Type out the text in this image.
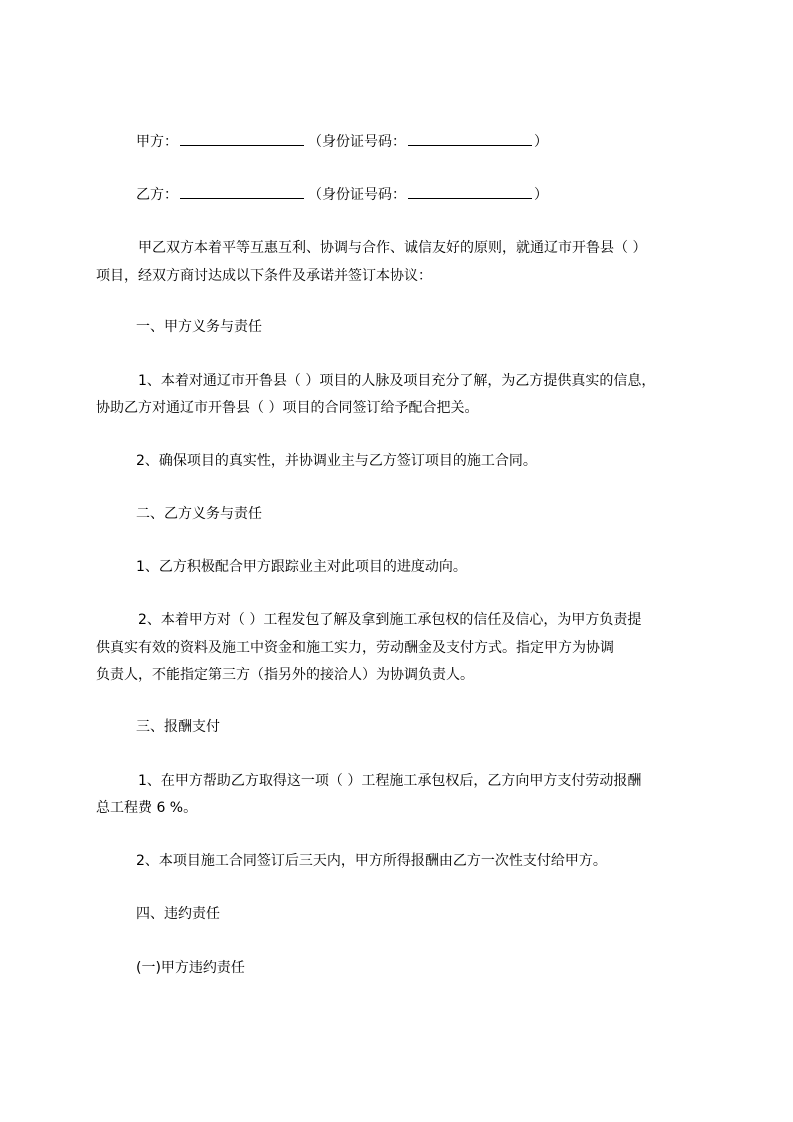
甲方：	（身份证号码：	）
乙方：	（身份证号码：	）
甲乙双方本着平等互惠互利、协调与合作、诚信友好的原则，就通辽市开鲁县（ ）
项目，经双方商讨达成以下条件及承诺并签订本协议：
一、甲方义务与责任
1、本着对通辽市开鲁县（ ）项目的人脉及项目充分了解，为乙方提供真实的信息，
协助乙方对通辽市开鲁县（ ）项目的合同签订给予配合把关。
2、确保项目的真实性，并协调业主与乙方签订项目的施工合同。
二、乙方义务与责任
1、乙方积极配合甲方跟踪业主对此项目的进度动向。
2、本着甲方对（ ）工程发包了解及拿到施工承包权的信任及信心，为甲方负责提
供真实有效的资料及施工中资金和施工实力，劳动酬金及支付方式。指定甲方为协调
负责人，不能指定第三方（指另外的接洽人）为协调负责人。
三、报酬支付
1、在甲方帮助乙方取得这一项（ ）工程施工承包权后，乙方向甲方支付劳动报酬
总工程费 6 %。
2、本项目施工合同签订后三天内，甲方所得报酬由乙方一次性支付给甲方。
四、违约责任
(一)甲方违约责任
